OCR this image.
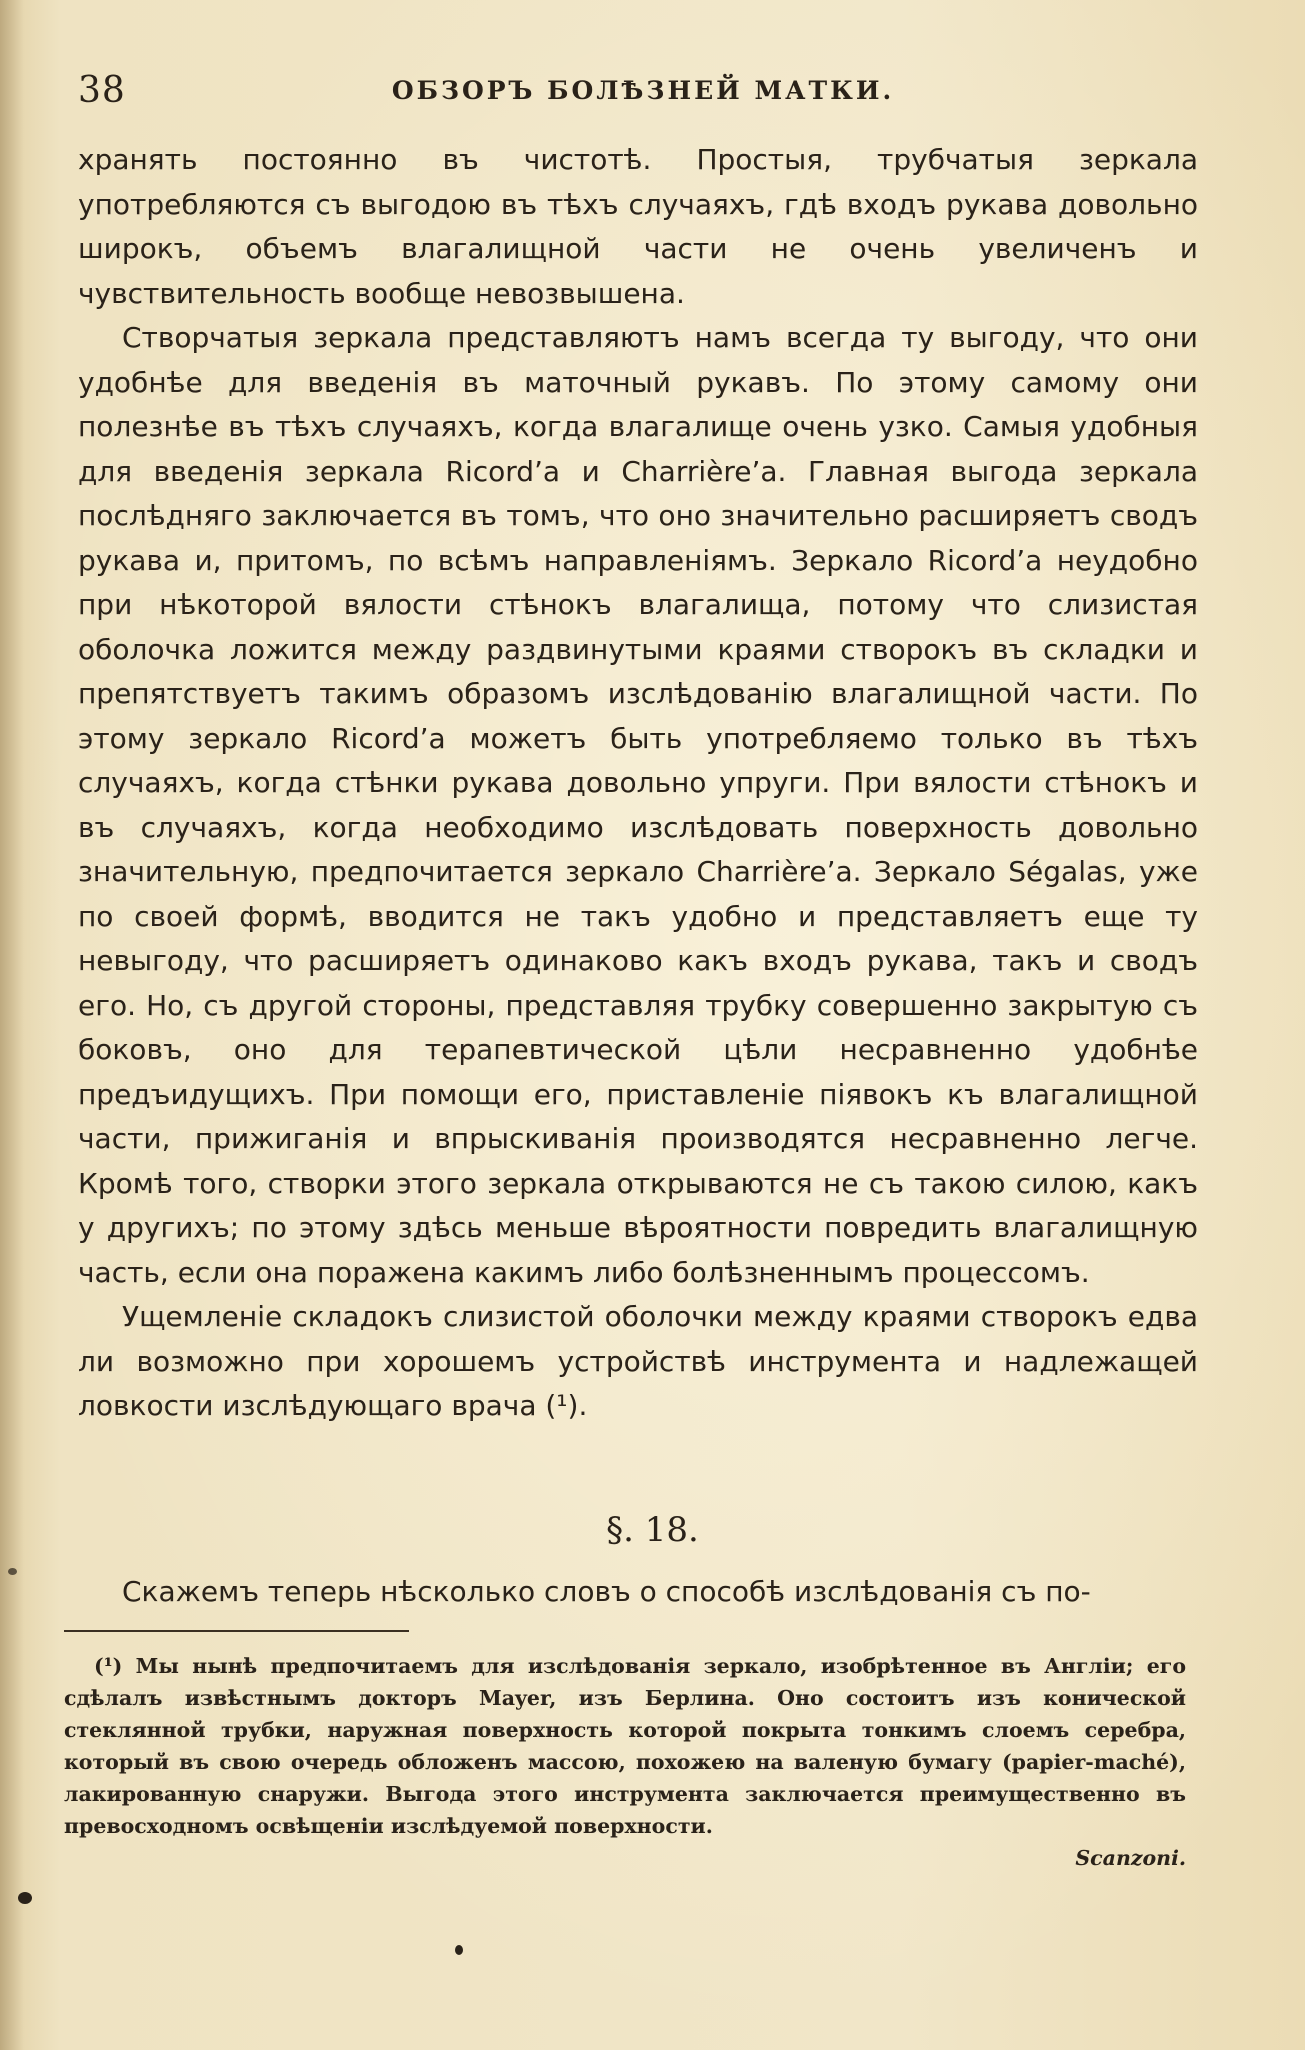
38	ОБЗОРЪ БОЛѢЗНЕЙ МАТКИ.

хранять постоянно въ чистотѣ. Простыя, трубчатыя зеркала употребляются съ выгодою въ тѣхъ случаяхъ, гдѣ входъ рукава довольно широкъ, объемъ влагалищной части не очень увеличенъ и чувствительность вообще невозвышена.

Створчатыя зеркала представляютъ намъ всегда ту выгоду, что они удобнѣе для введенія въ маточный рукавъ. По этому самому они полезнѣе въ тѣхъ случаяхъ, когда влагалище очень узко. Самыя удобныя для введенія зеркала Ricord’а и Charrière’а. Главная выгода зеркала послѣдняго заключается въ томъ, что оно значительно расширяетъ сводъ рукава и, притомъ, по всѣмъ направленіямъ. Зеркало Ricord’а неудобно при нѣкоторой вялости стѣнокъ влагалища, потому что слизистая оболочка ложится между раздвинутыми краями створокъ въ складки и препятствуетъ такимъ образомъ изслѣдованію влагалищной части. По этому зеркало Ricord’а можетъ быть употребляемо только въ тѣхъ случаяхъ, когда стѣнки рукава довольно упруги. При вялости стѣнокъ и въ случаяхъ, когда необходимо изслѣдовать поверхность довольно значительную, предпочитается зеркало Charrière’а. Зеркало Ségalas, уже по своей формѣ, вводится не такъ удобно и представляетъ еще ту невыгоду, что расширяетъ одинаково какъ входъ рукава, такъ и сводъ его. Но, съ другой стороны, представляя трубку совершенно закрытую съ боковъ, оно для терапевтической цѣли несравненно удобнѣе предъидущихъ. При помощи его, приставленіе піявокъ къ влагалищной части, прижиганія и впрыскиванія производятся несравненно легче. Кромѣ того, створки этого зеркала открываются не съ такою силою, какъ у другихъ; по этому здѣсь меньше вѣроятности повредить влагалищную часть, если она поражена какимъ либо болѣзненнымъ процессомъ.

Ущемленіе складокъ слизистой оболочки между краями створокъ едва ли возможно при хорошемъ устройствѣ инструмента и надлежащей ловкости изслѣдующаго врача (¹).

§. 18.

Скажемъ теперь нѣсколько словъ о способѣ изслѣдованія съ по-

(¹) Мы нынѣ предпочитаемъ для изслѣдованія зеркало, изобрѣтенное въ Англіи; его сдѣлалъ извѣстнымъ докторъ Mayer, изъ Берлина. Оно состоитъ изъ конической стеклянной трубки, наружная поверхность которой покрыта тонкимъ слоемъ серебра, который въ свою очередь обложенъ массою, похожею на валеную бумагу (papier-maché), лакированную снаружи. Выгода этого инструмента заключается преимущественно въ превосходномъ освѣщеніи изслѣдуемой поверхности.
Scanzoni.
